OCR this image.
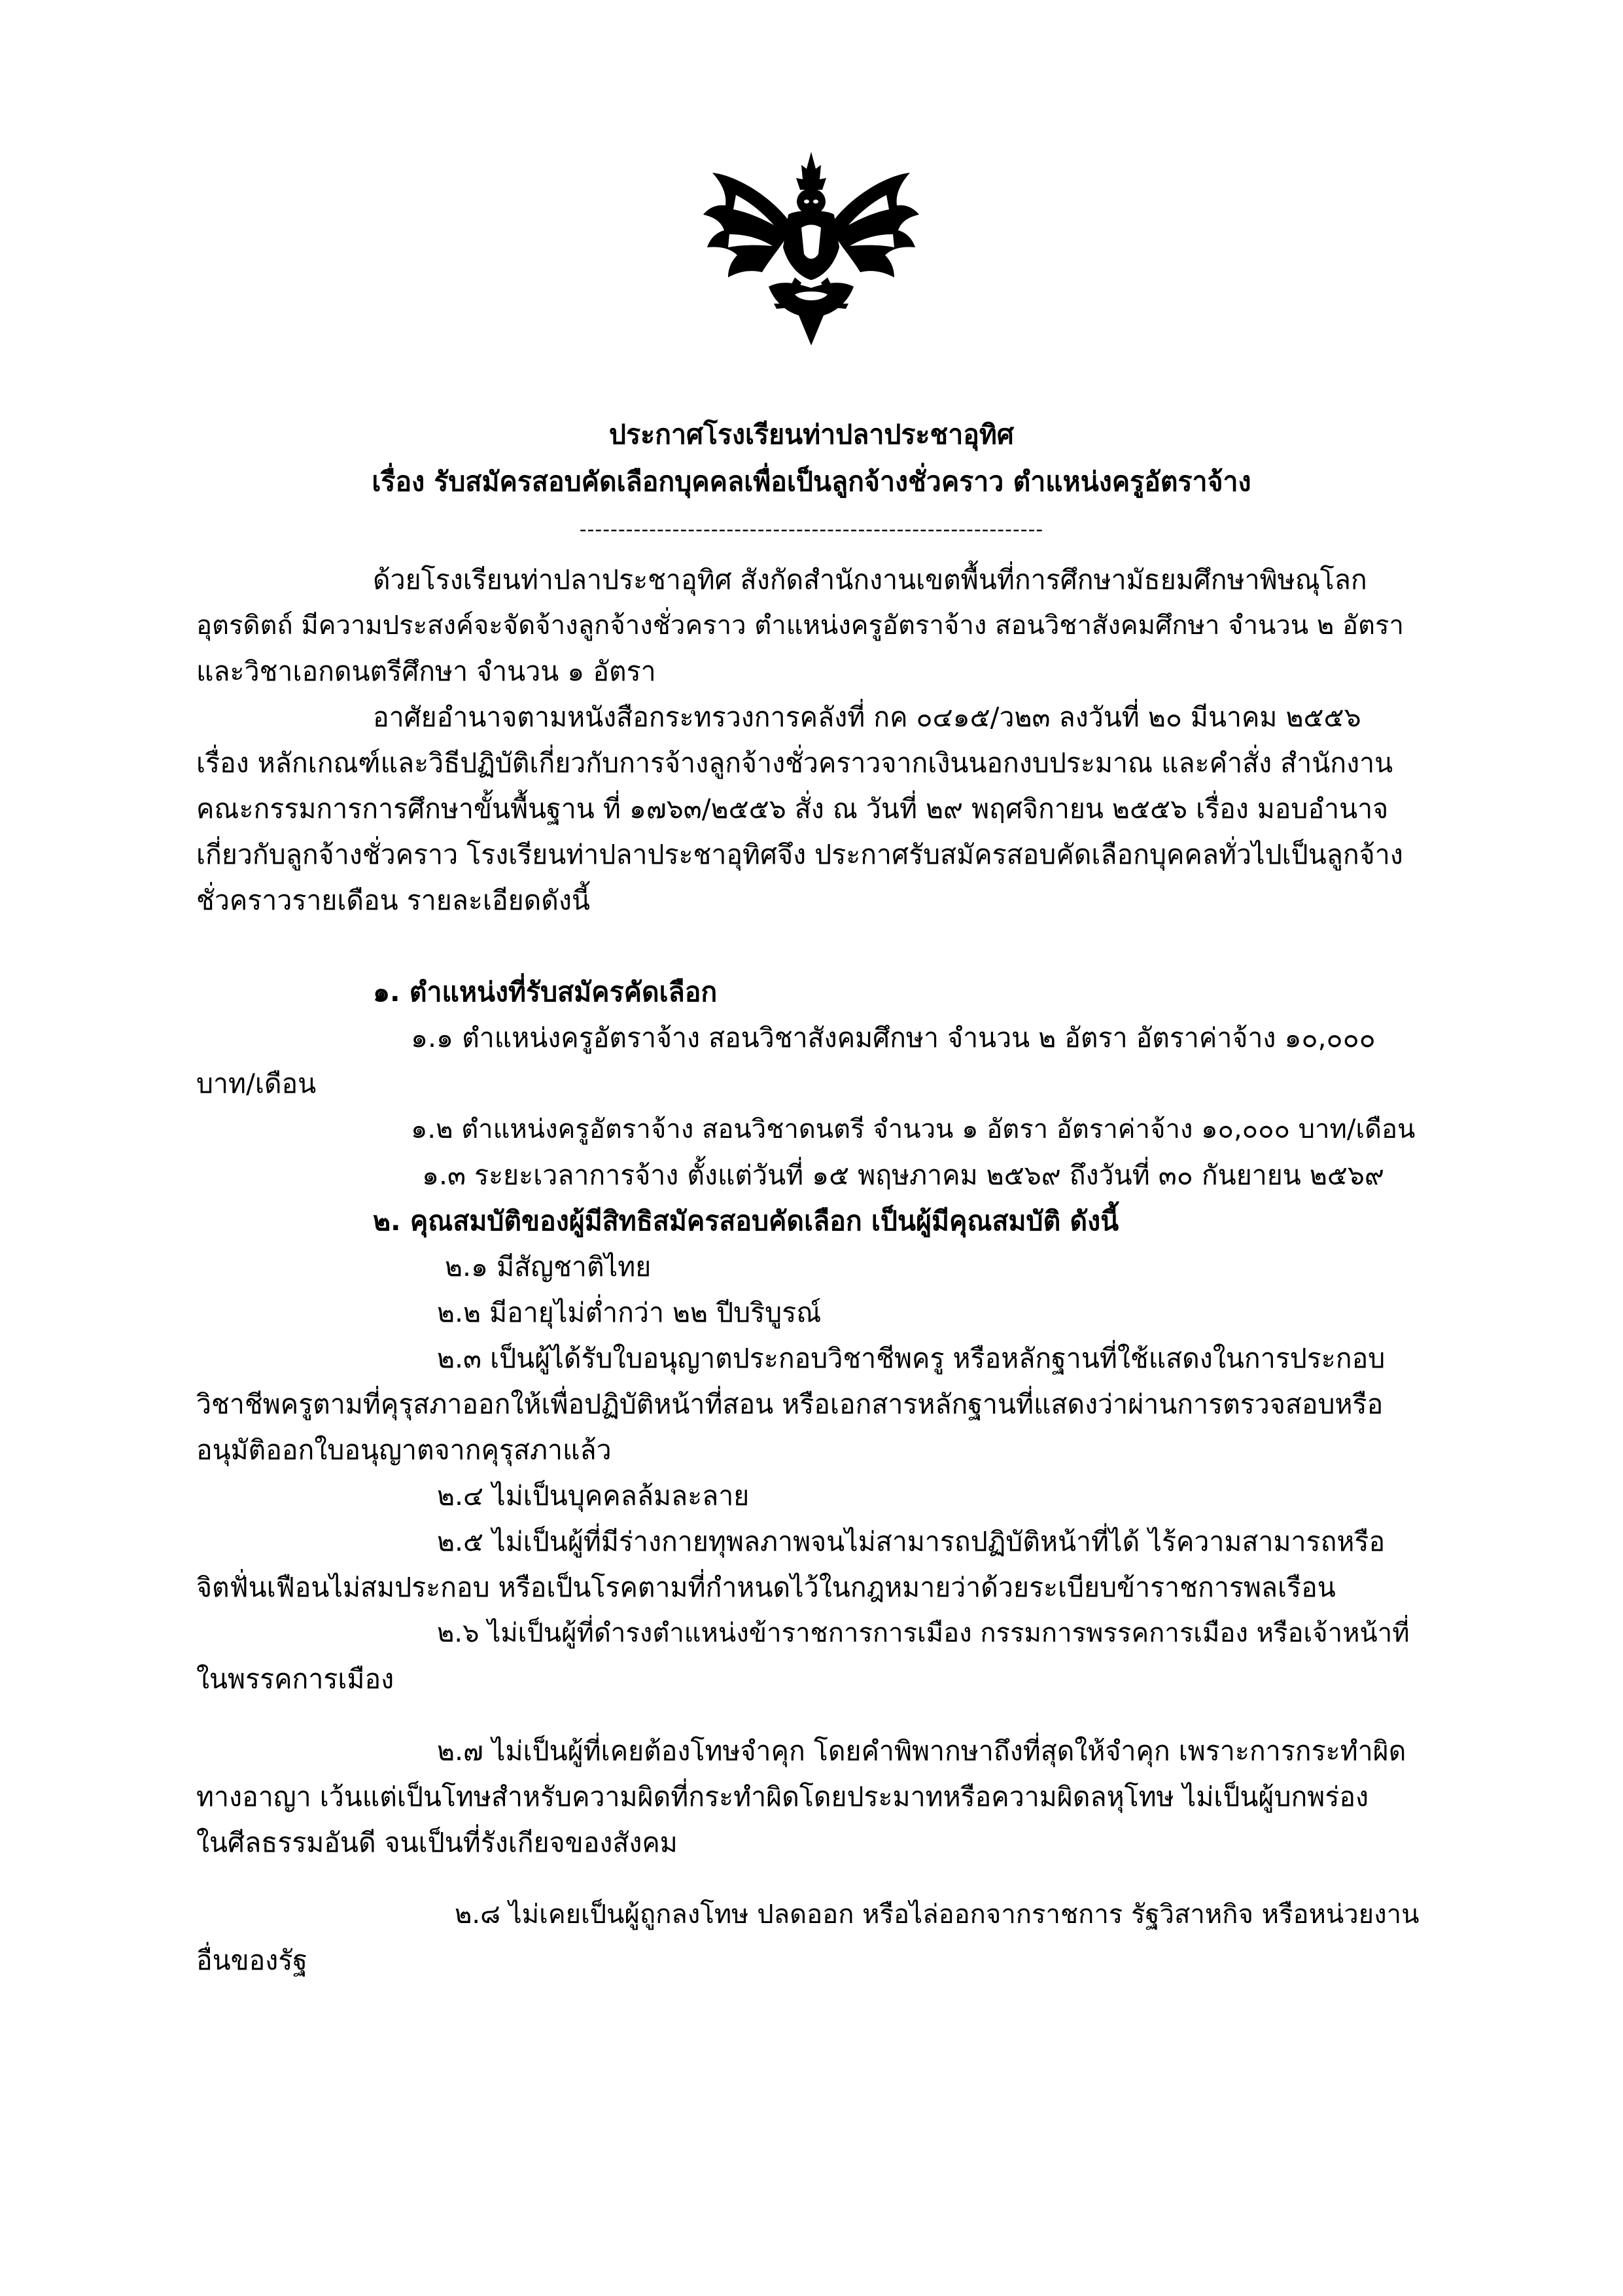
ประกาศโรงเรียนท่าปลาประชาอุทิศ
เรื่อง รับสมัครสอบคัดเลือกบุคคลเพื่อเป็นลูกจ้างชั่วคราว ตำแหน่งครูอัตราจ้าง
------------------------------------------------------------
ด้วยโรงเรียนท่าปลาประชาอุทิศ สังกัดสำนักงานเขตพื้นที่การศึกษามัธยมศึกษาพิษณุโลก
อุตรดิตถ์ มีความประสงค์จะจัดจ้างลูกจ้างชั่วคราว ตำแหน่งครูอัตราจ้าง สอนวิชาสังคมศึกษา จำนวน ๒ อัตรา
และวิชาเอกดนตรีศึกษา จำนวน ๑ อัตรา
อาศัยอำนาจตามหนังสือกระทรวงการคลังที่ กค ๐๔๑๕/ว๒๓ ลงวันที่ ๒๐ มีนาคม ๒๕๕๖
เรื่อง หลักเกณฑ์และวิธีปฏิบัติเกี่ยวกับการจ้างลูกจ้างชั่วคราวจากเงินนอกงบประมาณ และคำสั่ง สำนักงาน
คณะกรรมการการศึกษาขั้นพื้นฐาน ที่ ๑๗๖๓/๒๕๕๖ สั่ง ณ วันที่ ๒๙ พฤศจิกายน ๒๕๕๖ เรื่อง มอบอำนาจ
เกี่ยวกับลูกจ้างชั่วคราว โรงเรียนท่าปลาประชาอุทิศจึง ประกาศรับสมัครสอบคัดเลือกบุคคลทั่วไปเป็นลูกจ้าง
ชั่วคราวรายเดือน รายละเอียดดังนี้
๑. ตำแหน่งที่รับสมัครคัดเลือก
๑.๑ ตำแหน่งครูอัตราจ้าง สอนวิชาสังคมศึกษา จำนวน ๒ อัตรา อัตราค่าจ้าง ๑๐,๐๐๐
บาท/เดือน
๑.๒ ตำแหน่งครูอัตราจ้าง สอนวิชาดนตรี จำนวน ๑ อัตรา อัตราค่าจ้าง ๑๐,๐๐๐ บาท/เดือน
๑.๓ ระยะเวลาการจ้าง ตั้งแต่วันที่ ๑๕ พฤษภาคม ๒๕๖๙ ถึงวันที่ ๓๐ กันยายน ๒๕๖๙
๒. คุณสมบัติของผู้มีสิทธิสมัครสอบคัดเลือก เป็นผู้มีคุณสมบัติ ดังนี้
๒.๑ มีสัญชาติไทย
๒.๒ มีอายุไม่ต่ำกว่า ๒๒ ปีบริบูรณ์
๒.๓ เป็นผู้ได้รับใบอนุญาตประกอบวิชาชีพครู หรือหลักฐานที่ใช้แสดงในการประกอบ
วิชาชีพครูตามที่คุรุสภาออกให้เพื่อปฏิบัติหน้าที่สอน หรือเอกสารหลักฐานที่แสดงว่าผ่านการตรวจสอบหรือ
อนุมัติออกใบอนุญาตจากคุรุสภาแล้ว
๒.๔ ไม่เป็นบุคคลล้มละลาย
๒.๕ ไม่เป็นผู้ที่มีร่างกายทุพลภาพจนไม่สามารถปฏิบัติหน้าที่ได้ ไร้ความสามารถหรือ
จิตฟั่นเฟือนไม่สมประกอบ หรือเป็นโรคตามที่กำหนดไว้ในกฎหมายว่าด้วยระเบียบข้าราชการพลเรือน
๒.๖ ไม่เป็นผู้ที่ดำรงตำแหน่งข้าราชการการเมือง กรรมการพรรคการเมือง หรือเจ้าหน้าที่
ในพรรคการเมือง
๒.๗ ไม่เป็นผู้ที่เคยต้องโทษจำคุก โดยคำพิพากษาถึงที่สุดให้จำคุก เพราะการกระทำผิด
ทางอาญา เว้นแต่เป็นโทษสำหรับความผิดที่กระทำผิดโดยประมาทหรือความผิดลหุโทษ ไม่เป็นผู้บกพร่อง
ในศีลธรรมอันดี จนเป็นที่รังเกียจของสังคม
๒.๘ ไม่เคยเป็นผู้ถูกลงโทษ ปลดออก หรือไล่ออกจากราชการ รัฐวิสาหกิจ หรือหน่วยงาน
อื่นของรัฐ
